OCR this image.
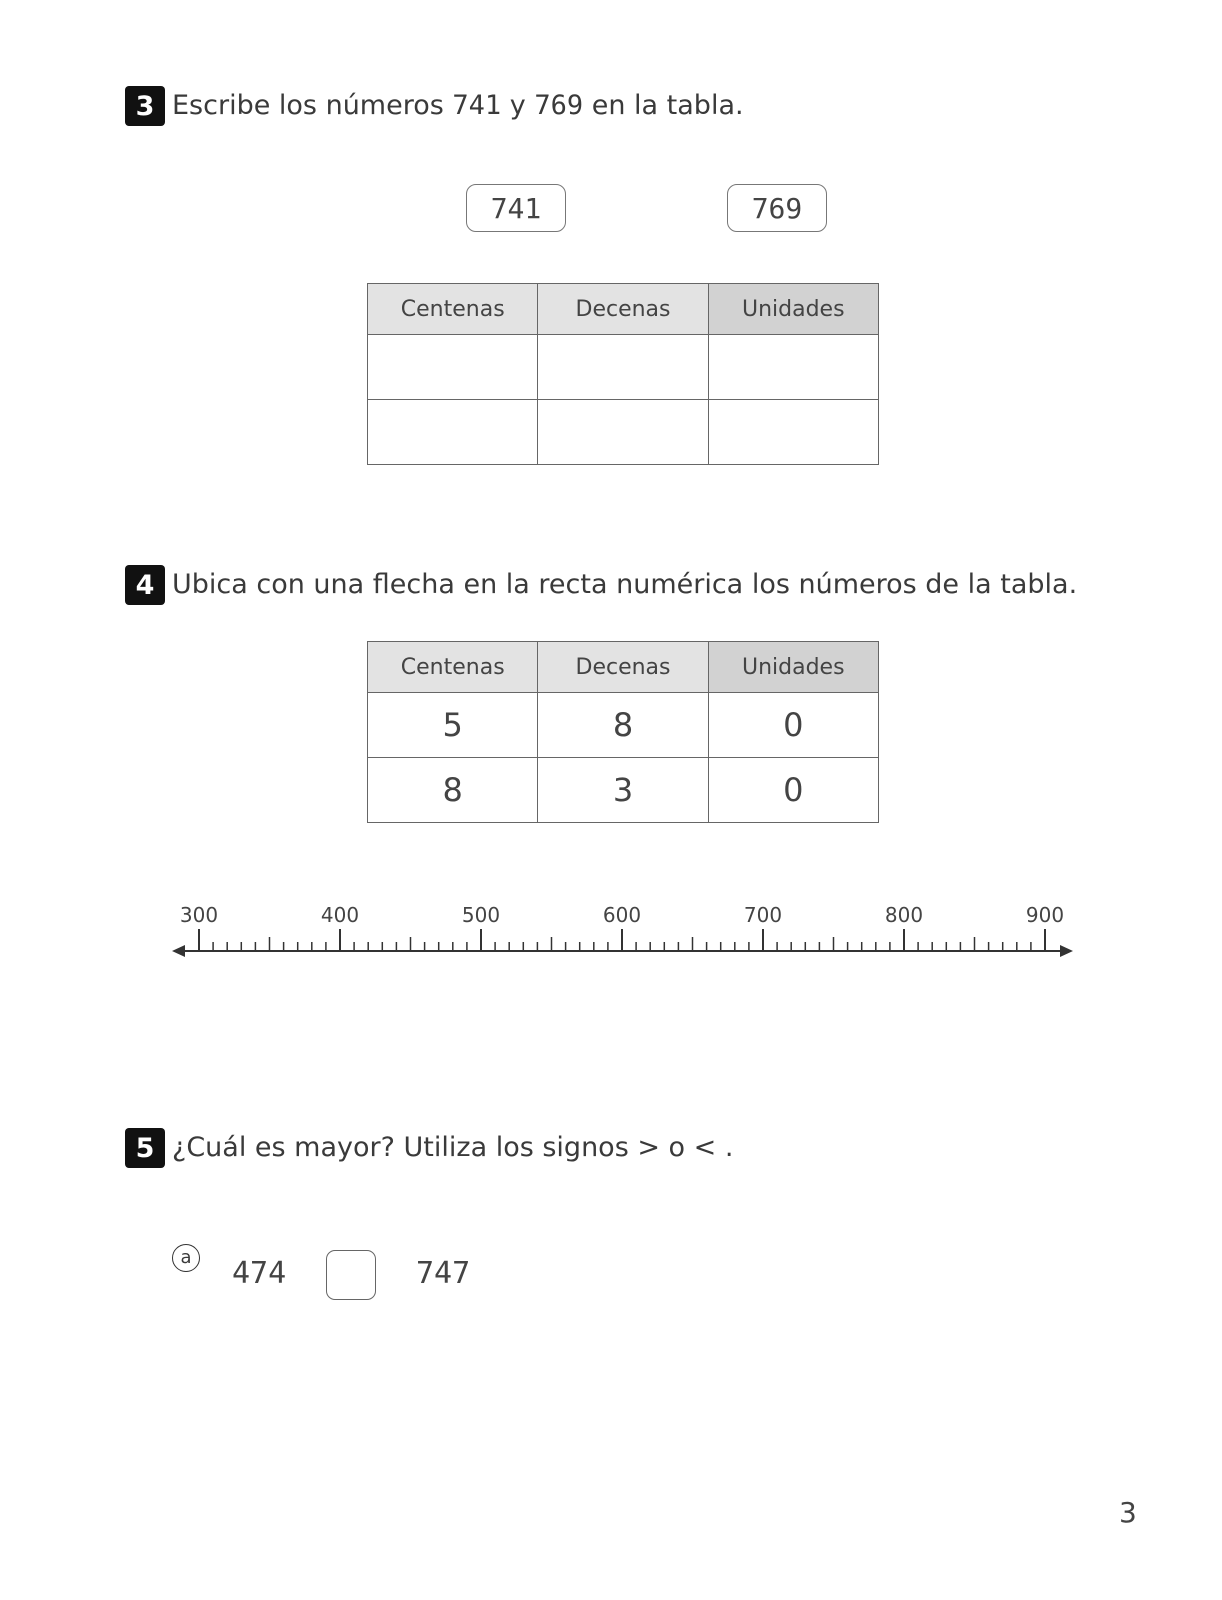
3 Escribe los números 741 y 769 en la tabla.
741	769
Centenas	Decenas	Unidades

4 Ubica con una flecha en la recta numérica los números de la tabla.
Centenas	Decenas	Unidades
5	8	0
8	3	0
300	400	500	600	700	800	900
5 ¿Cuál es mayor? Utiliza los signos > o < .
a 474	747
3
